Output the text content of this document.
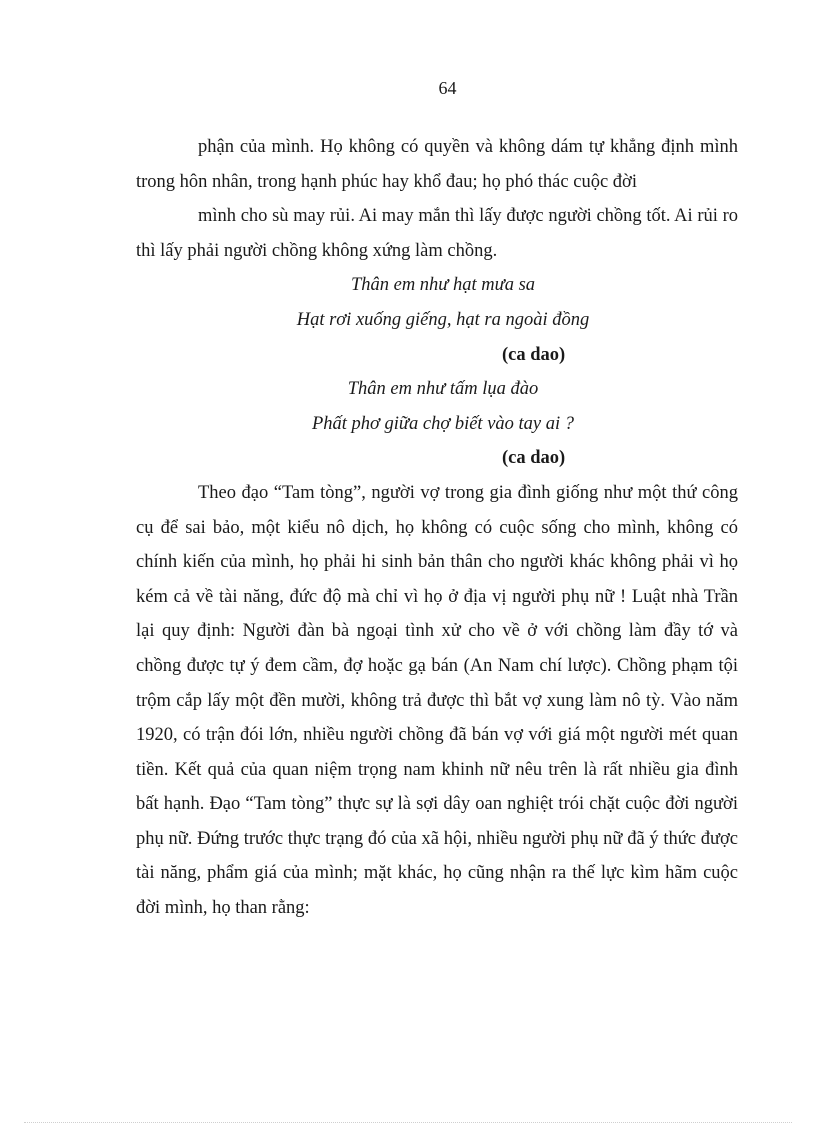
64

phận của mình. Họ không có quyền và không dám tự khẳng định mình trong hôn nhân, trong hạnh phúc hay khổ đau; họ phó thác cuộc đời

mình cho sù may rủi. Ai may mắn thì lấy được người chồng tốt. Ai rủi ro thì lấy phải người chồng không xứng làm chồng.

Thân em như hạt mưa sa

Hạt rơi xuống giếng, hạt ra ngoài đồng

(ca dao)

Thân em như tấm lụa đào

Phất phơ giữa chợ biết vào tay ai ?

(ca dao)

Theo đạo “Tam tòng”, người vợ trong gia đình giống như một thứ công cụ để sai bảo, một kiểu nô dịch, họ không có cuộc sống cho mình, không có chính kiến của mình, họ phải hi sinh bản thân cho người khác không phải vì họ kém cả về tài năng, đức độ mà chỉ vì họ ở địa vị người phụ nữ ! Luật nhà Trần lại quy định: Người đàn bà ngoại tình xử cho về ở với chồng làm đầy tớ và chồng được tự ý đem cầm, đợ hoặc gạ bán (An Nam chí lược). Chồng phạm tội trộm cắp lấy một đền mười, không trả được thì bắt vợ xung làm nô tỳ. Vào năm 1920, có trận đói lớn, nhiều người chồng đã bán vợ với giá một người mét quan tiền. Kết quả của quan niệm trọng nam khinh nữ nêu trên là rất nhiều gia đình bất hạnh. Đạo “Tam tòng” thực sự là sợi dây oan nghiệt trói chặt cuộc đời người phụ nữ. Đứng trước thực trạng đó của xã hội, nhiều người phụ nữ đã ý thức được tài năng, phẩm giá của mình; mặt khác, họ cũng nhận ra thế lực kìm hãm cuộc đời mình, họ than rằng:
